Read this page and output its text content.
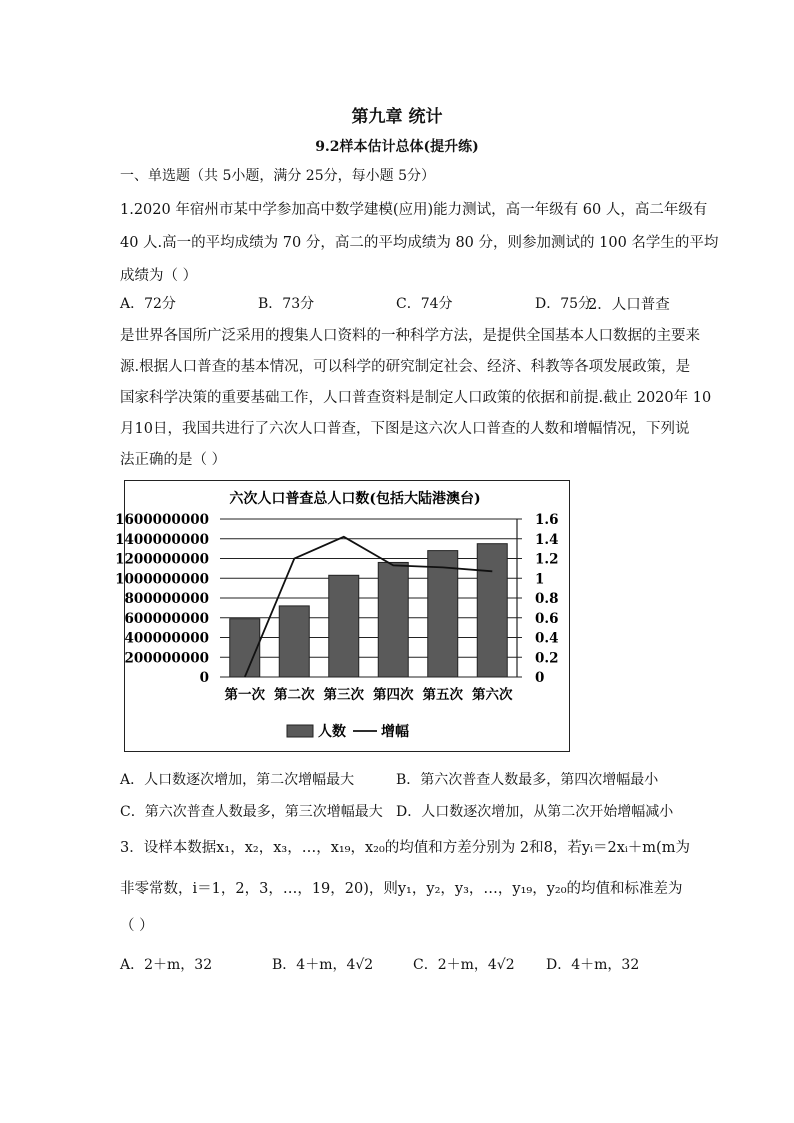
第九章 统计
9.2样本估计总体(提升练)
一、单选题（共 5小题，满分 25分，每小题 5分）
1.2020 年宿州市某中学参加高中数学建模(应用)能力测试，高一年级有 60 人，高二年级有
40 人.高一的平均成绩为 70 分，高二的平均成绩为 80 分，则参加测试的 100 名学生的平均
成绩为（ ）
A．72分	B．73分	C．74分	D．75分
2．人口普查
是世界各国所广泛采用的搜集人口资料的一种科学方法，是提供全国基本人口数据的主要来
源.根据人口普查的基本情况，可以科学的研究制定社会、经济、科教等各项发展政策，是
国家科学决策的重要基础工作，人口普查资料是制定人口政策的依据和前提.截止 2020年 10
月10日，我国共进行了六次人口普查，下图是这六次人口普查的人数和增幅情况，下列说
法正确的是（ ）
六次人口普查总人口数(包括大陆港澳台)
0	0
200000000	0.2
400000000	0.4
600000000	0.6
800000000	0.8
1000000000	1
1200000000	1.2
1400000000	1.4
1600000000	1.6
第一次 第二次 第三次 第四次 第五次 第六次
人数	增幅
A．人口数逐次增加，第二次增幅最大	B．第六次普查人数最多，第四次增幅最小
C．第六次普查人数最多，第三次增幅最大 D．人口数逐次增加，从第二次开始增幅减小
3．设样本数据x₁，x₂，x₃，…，x₁₉，x₂₀的均值和方差分别为 2和8，若yᵢ＝2xᵢ＋m(m为
非零常数，i＝1，2，3，…，19，20)，则y₁，y₂，y₃，…，y₁₉，y₂₀的均值和标准差为
（ ）
A．2＋m，32	B．4＋m，4√2	C．2＋m，4√2 D．4＋m，32
